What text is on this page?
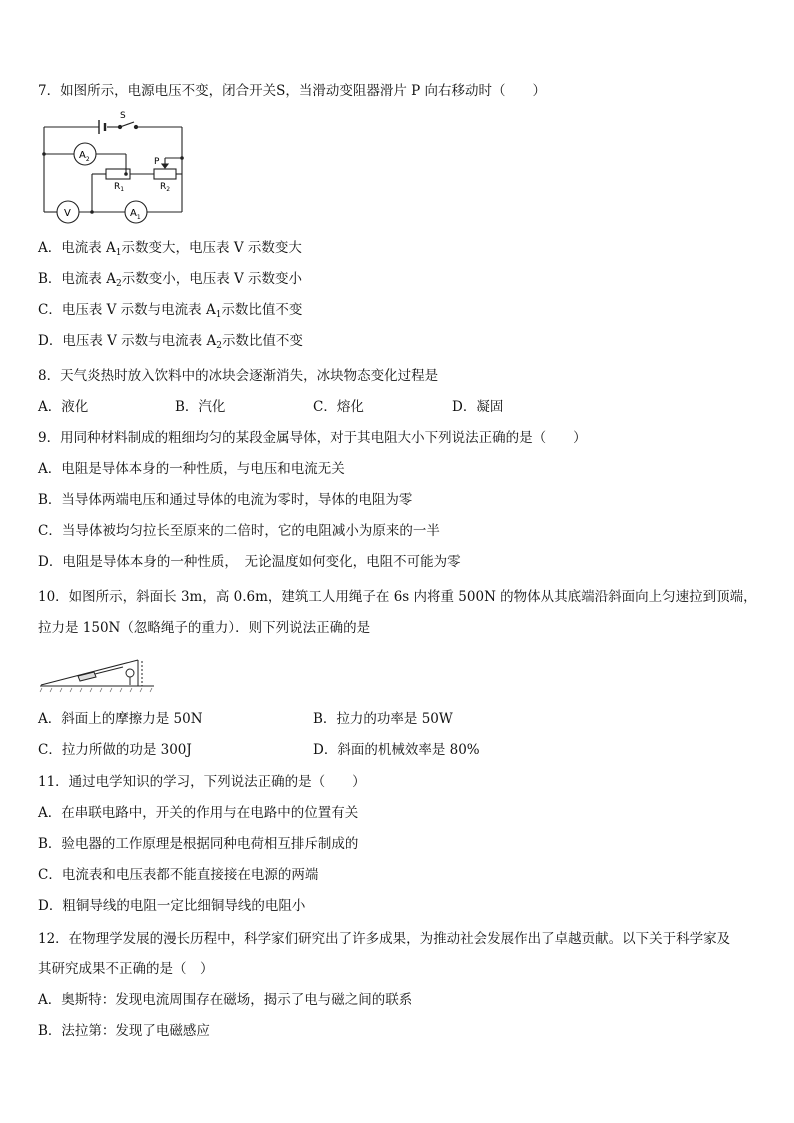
7．如图所示，电源电压不变，闭合开关S，当滑动变阻器滑片 P 向右移动时（　　）
S
$A_2$	P
$R_1$	$R_2$
V	$A_1$
A．电流表 $A_1$示数变大，电压表 V 示数变大
B．电流表 $A_2$示数变小，电压表 V 示数变小
C．电压表 V 示数与电流表 $A_1$示数比值不变
D．电压表 V 示数与电流表 $A_2$示数比值不变
8．天气炎热时放入饮料中的冰块会逐渐消失，冰块物态变化过程是
A．液化	B．汽化	C．熔化	D．凝固
9．用同种材料制成的粗细均匀的某段金属导体，对于其电阻大小下列说法正确的是（　　）
A．电阻是导体本身的一种性质，与电压和电流无关
B．当导体两端电压和通过导体的电流为零时，导体的电阻为零
C．当导体被均匀拉长至原来的二倍时，它的电阻减小为原来的一半
D．电阻是导体本身的一种性质，　无论温度如何变化，电阻不可能为零
10．如图所示，斜面长 3m，高 0.6m，建筑工人用绳子在 6s 内将重 500N 的物体从其底端沿斜面向上匀速拉到顶端，
拉力是 150N（忽略绳子的重力）．则下列说法正确的是
A．斜面上的摩擦力是 50N	B．拉力的功率是 50W
C．拉力所做的功是 300J	D．斜面的机械效率是 80%
11．通过电学知识的学习，下列说法正确的是（　　）
A．在串联电路中，开关的作用与在电路中的位置有关
B．验电器的工作原理是根据同种电荷相互排斥制成的
C．电流表和电压表都不能直接接在电源的两端
D．粗铜导线的电阻一定比细铜导线的电阻小
12．在物理学发展的漫长历程中，科学家们研究出了许多成果，为推动社会发展作出了卓越贡献。以下关于科学家及
其研究成果不正确的是（　）
A．奥斯特：发现电流周围存在磁场，揭示了电与磁之间的联系
B．法拉第：发现了电磁感应
